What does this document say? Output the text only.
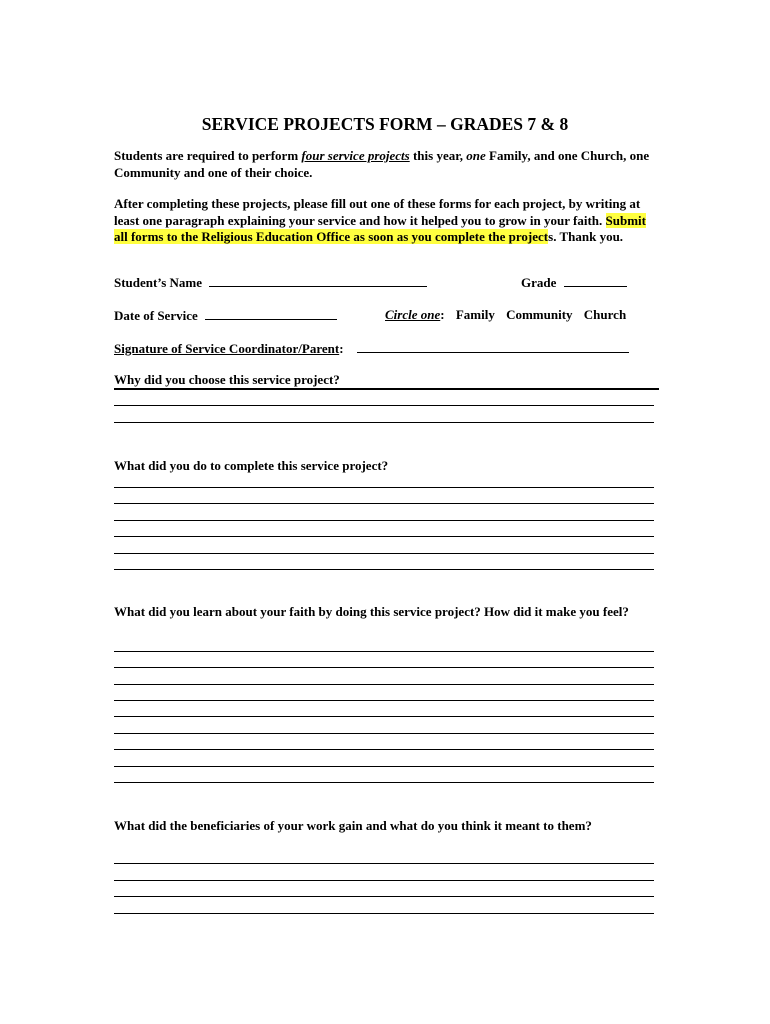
SERVICE PROJECTS FORM – GRADES 7 & 8
Students are required to perform four service projects this year, one Family, and one Church, one Community and one of their choice.
After completing these projects, please fill out one of these forms for each project, by writing at least one paragraph explaining your service and how it helped you to grow in your faith. Submit all forms to the Religious Education Office as soon as you complete the projects. Thank you.
Student’s Name	Grade
Date of Service	Circle one: Family Community Church
Signature of Service Coordinator/Parent:
Why did you choose this service project?
What did you do to complete this service project?
What did you learn about your faith by doing this service project? How did it make you feel?
What did the beneficiaries of your work gain and what do you think it meant to them?
